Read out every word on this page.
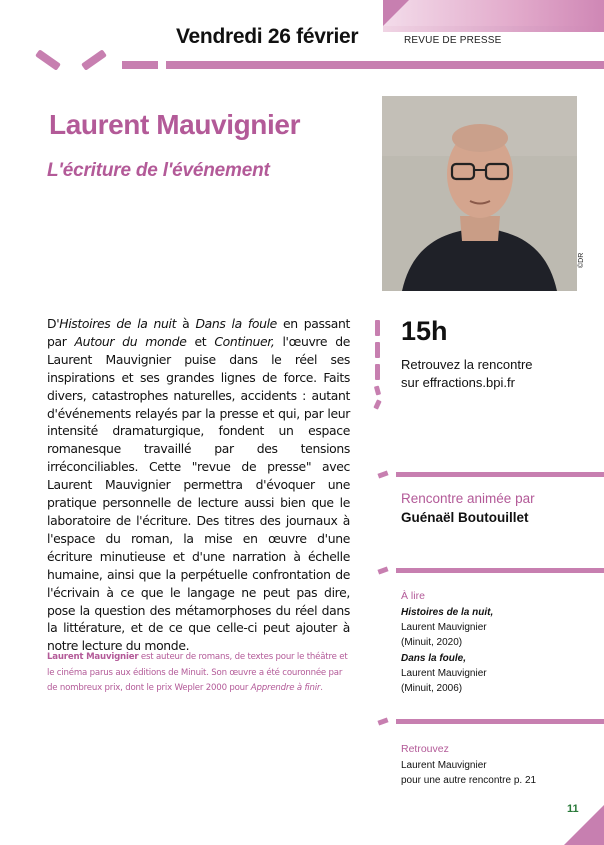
Vendredi 26 février	REVUE DE PRESSE
Laurent Mauvignier
L'écriture de l'événement
©DR
D'Histoires de la nuit à Dans la foule en passant par Autour du monde et Continuer, l'œuvre de Laurent Mauvignier puise dans le réel ses inspirations et ses grandes lignes de force. Faits divers, catastrophes naturelles, accidents : autant d'événements relayés par la presse et qui, par leur intensité dramaturgique, fondent un espace romanesque travaillé par des tensions irréconciliables. Cette "revue de presse" avec Laurent Mauvignier permettra d'évoquer une pratique personnelle de lecture aussi bien que le laboratoire de l'écriture. Des titres des journaux à l'espace du roman, la mise en œuvre d'une écriture minutieuse et d'une narration à échelle humaine, ainsi que la perpétuelle confrontation de l'écrivain à ce que le langage ne peut pas dire, pose la question des métamorphoses du réel dans la littérature, et de ce que celle-ci peut ajouter à notre lecture du monde.
Laurent Mauvignier est auteur de romans, de textes pour le théâtre et le cinéma parus aux éditions de Minuit. Son œuvre a été couronnée par de nombreux prix, dont le prix Wepler 2000 pour Apprendre à finir.
15h
Retrouvez la rencontre
sur effractions.bpi.fr
Rencontre animée par
Guénaël Boutouillet
À lire
Histoires de la nuit,
Laurent Mauvignier
(Minuit, 2020)
Dans la foule,
Laurent Mauvignier
(Minuit, 2006)
Retrouvez
Laurent Mauvignier
pour une autre rencontre p. 21
11
